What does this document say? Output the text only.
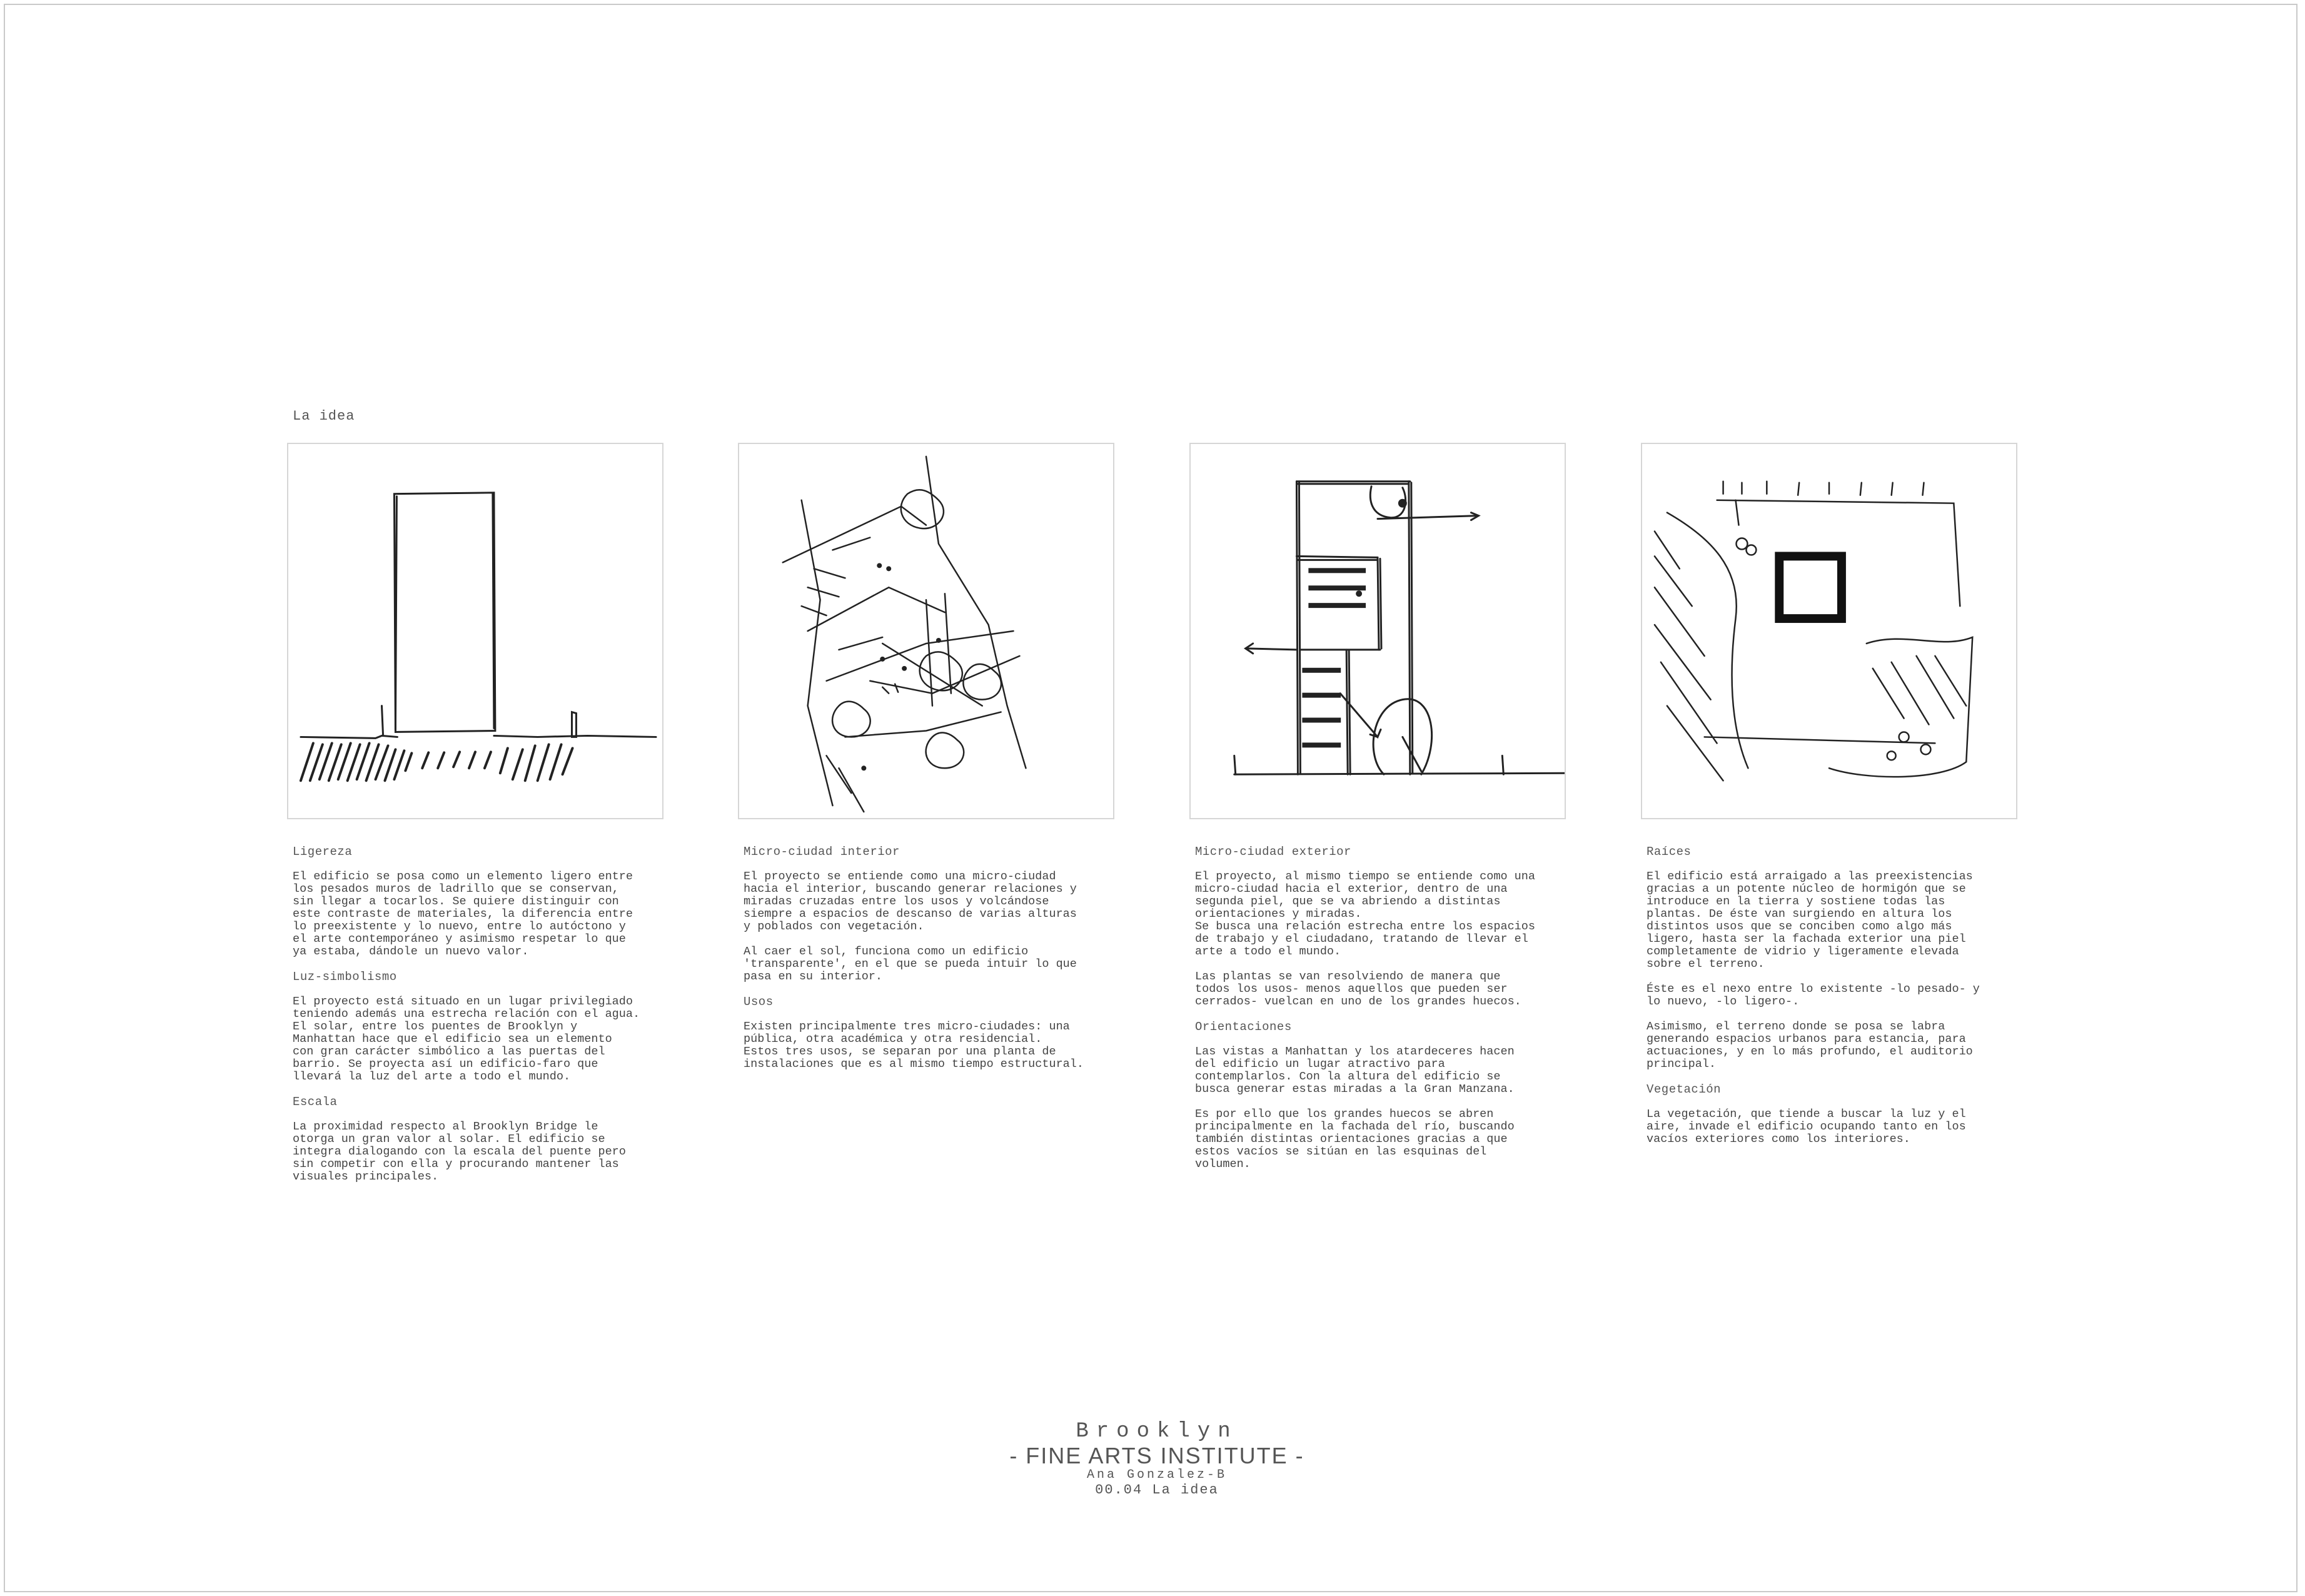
La idea
Ligereza

El edificio se posa como un elemento ligero entre
los pesados muros de ladrillo que se conservan,
sin llegar a tocarlos. Se quiere distinguir con
este contraste de materiales, la diferencia entre
lo preexistente y lo nuevo, entre lo autóctono y
el arte contemporáneo y asimismo respetar lo que
ya estaba, dándole un nuevo valor.

Luz-simbolismo

El proyecto está situado en un lugar privilegiado
teniendo además una estrecha relación con el agua.
El solar, entre los puentes de Brooklyn y
Manhattan hace que el edificio sea un elemento
con gran carácter simbólico a las puertas del
barrio. Se proyecta así un edificio-faro que
llevará la luz del arte a todo el mundo.

Escala

La proximidad respecto al Brooklyn Bridge le
otorga un gran valor al solar. El edificio se
integra dialogando con la escala del puente pero
sin competir con ella y procurando mantener las
visuales principales.

Micro-ciudad interior

El proyecto se entiende como una micro-ciudad
hacia el interior, buscando generar relaciones y
miradas cruzadas entre los usos y volcándose
siempre a espacios de descanso de varias alturas
y poblados con vegetación.

Al caer el sol, funciona como un edificio
'transparente', en el que se pueda intuir lo que
pasa en su interior.

Usos

Existen principalmente tres micro-ciudades: una
pública, otra académica y otra residencial.
Estos tres usos, se separan por una planta de
instalaciones que es al mismo tiempo estructural.

Micro-ciudad exterior

El proyecto, al mismo tiempo se entiende como una
micro-ciudad hacia el exterior, dentro de una
segunda piel, que se va abriendo a distintas
orientaciones y miradas.
Se busca una relación estrecha entre los espacios
de trabajo y el ciudadano, tratando de llevar el
arte a todo el mundo.

Las plantas se van resolviendo de manera que
todos los usos- menos aquellos que pueden ser
cerrados- vuelcan en uno de los grandes huecos.

Orientaciones

Las vistas a Manhattan y los atardeceres hacen
del edificio un lugar atractivo para
contemplarlos. Con la altura del edificio se
busca generar estas miradas a la Gran Manzana.

Es por ello que los grandes huecos se abren
principalmente en la fachada del río, buscando
también distintas orientaciones gracias a que
estos vacíos se sitúan en las esquinas del
volumen.

Raíces

El edificio está arraigado a las preexistencias
gracias a un potente núcleo de hormigón que se
introduce en la tierra y sostiene todas las
plantas. De éste van surgiendo en altura los
distintos usos que se conciben como algo más
ligero, hasta ser la fachada exterior una piel
completamente de vidrio y ligeramente elevada
sobre el terreno.

Éste es el nexo entre lo existente -lo pesado- y
lo nuevo, -lo ligero-.

Asimismo, el terreno donde se posa se labra
generando espacios urbanos para estancia, para
actuaciones, y en lo más profundo, el auditorio
principal.

Vegetación

La vegetación, que tiende a buscar la luz y el
aire, invade el edificio ocupando tanto en los
vacíos exteriores como los interiores.

Brooklyn
- FINE ARTS INSTITUTE -
Ana Gonzalez-B
00.04 La idea
